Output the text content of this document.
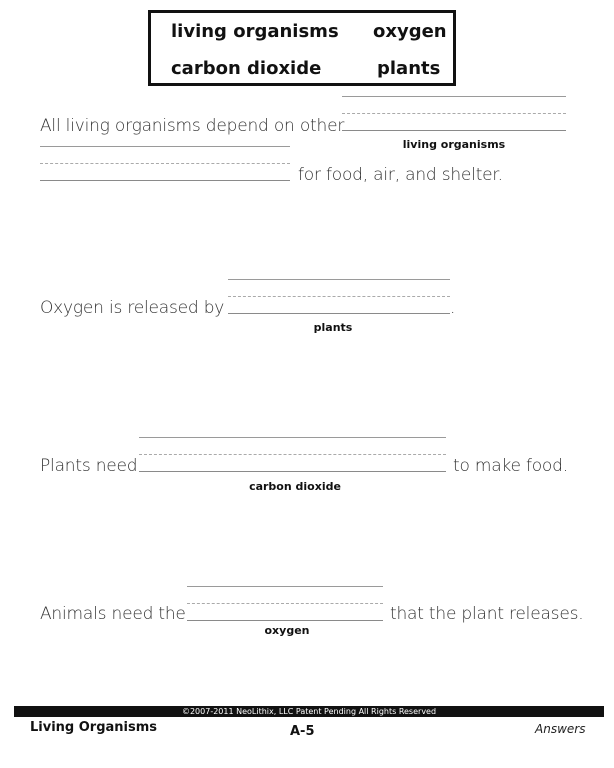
living organisms oxygen
carbon dioxide	plants
All living organisms depend on other
living organisms
for food, air, and shelter.
Oxygen is released by	.
plants
Plants need	to make food.
carbon dioxide
Animals need the	that the plant releases.
oxygen
©2007-2011 NeoLithix, LLC Patent Pending All Rights Reserved
Living Organisms	A-5	Answers
